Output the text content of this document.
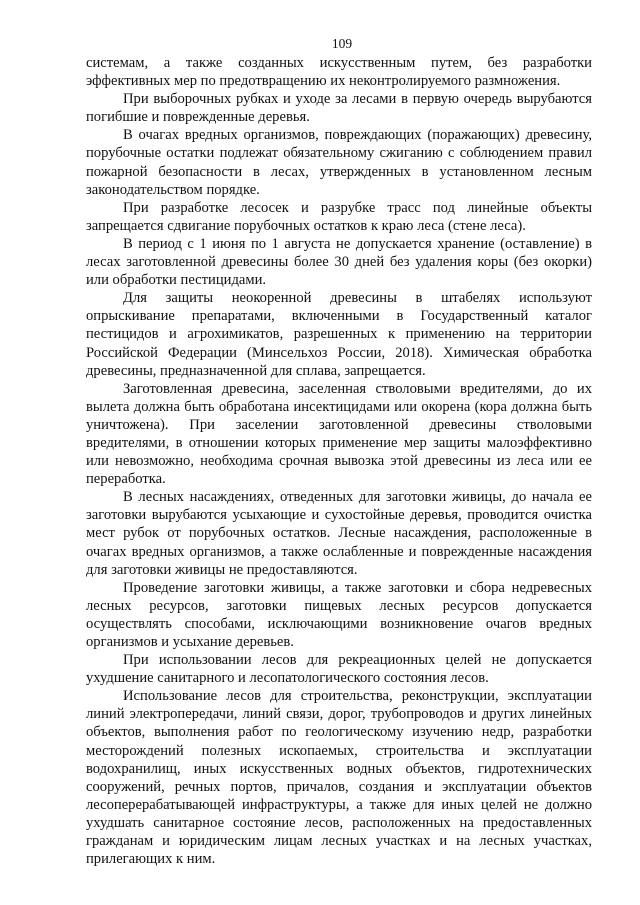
109

системам, а также созданных искусственным путем, без разработки эффективных мер по предотвращению их неконтролируемого размножения.

При выборочных рубках и уходе за лесами в первую очередь вырубаются погибшие и поврежденные деревья.

В очагах вредных организмов, повреждающих (поражающих) древесину, порубочные остатки подлежат обязательному сжиганию с соблюдением правил пожарной безопасности в лесах, утвержденных в установленном лесным законодательством порядке.

При разработке лесосек и разрубке трасс под линейные объекты запрещается сдвигание порубочных остатков к краю леса (стене леса).

В период с 1 июня по 1 августа не допускается хранение (оставление) в лесах заготовленной древесины более 30 дней без удаления коры (без окорки) или обработки пестицидами.

Для защиты неокоренной древесины в штабелях используют опрыскивание препаратами, включенными в Государственный каталог пестицидов и агрохимикатов, разрешенных к применению на территории Российской Федерации (Минсельхоз России, 2018). Химическая обработка древесины, предназначенной для сплава, запрещается.

Заготовленная древесина, заселенная стволовыми вредителями, до их вылета должна быть обработана инсектицидами или окорена (кора должна быть уничтожена). При заселении заготовленной древесины стволовыми вредителями, в отношении которых применение мер защиты малоэффективно или невозможно, необходима срочная вывозка этой древесины из леса или ее переработка.

В лесных насаждениях, отведенных для заготовки живицы, до начала ее заготовки вырубаются усыхающие и сухостойные деревья, проводится очистка мест рубок от порубочных остатков. Лесные насаждения, расположенные в очагах вредных организмов, а также ослабленные и поврежденные насаждения для заготовки живицы не предоставляются.

Проведение заготовки живицы, а также заготовки и сбора недревесных лесных ресурсов, заготовки пищевых лесных ресурсов допускается осуществлять способами, исключающими возникновение очагов вредных организмов и усыхание деревьев.

При использовании лесов для рекреационных целей не допускается ухудшение санитарного и лесопатологического состояния лесов.

Использование лесов для строительства, реконструкции, эксплуатации линий электропередачи, линий связи, дорог, трубопроводов и других линейных объектов, выполнения работ по геологическому изучению недр, разработки месторождений полезных ископаемых, строительства и эксплуатации водохранилищ, иных искусственных водных объектов, гидротехнических сооружений, речных портов, причалов, создания и эксплуатации объектов лесоперерабатывающей инфраструктуры, а также для иных целей не должно ухудшать санитарное состояние лесов, расположенных на предоставленных гражданам и юридическим лицам лесных участках и на лесных участках, прилегающих к ним.
